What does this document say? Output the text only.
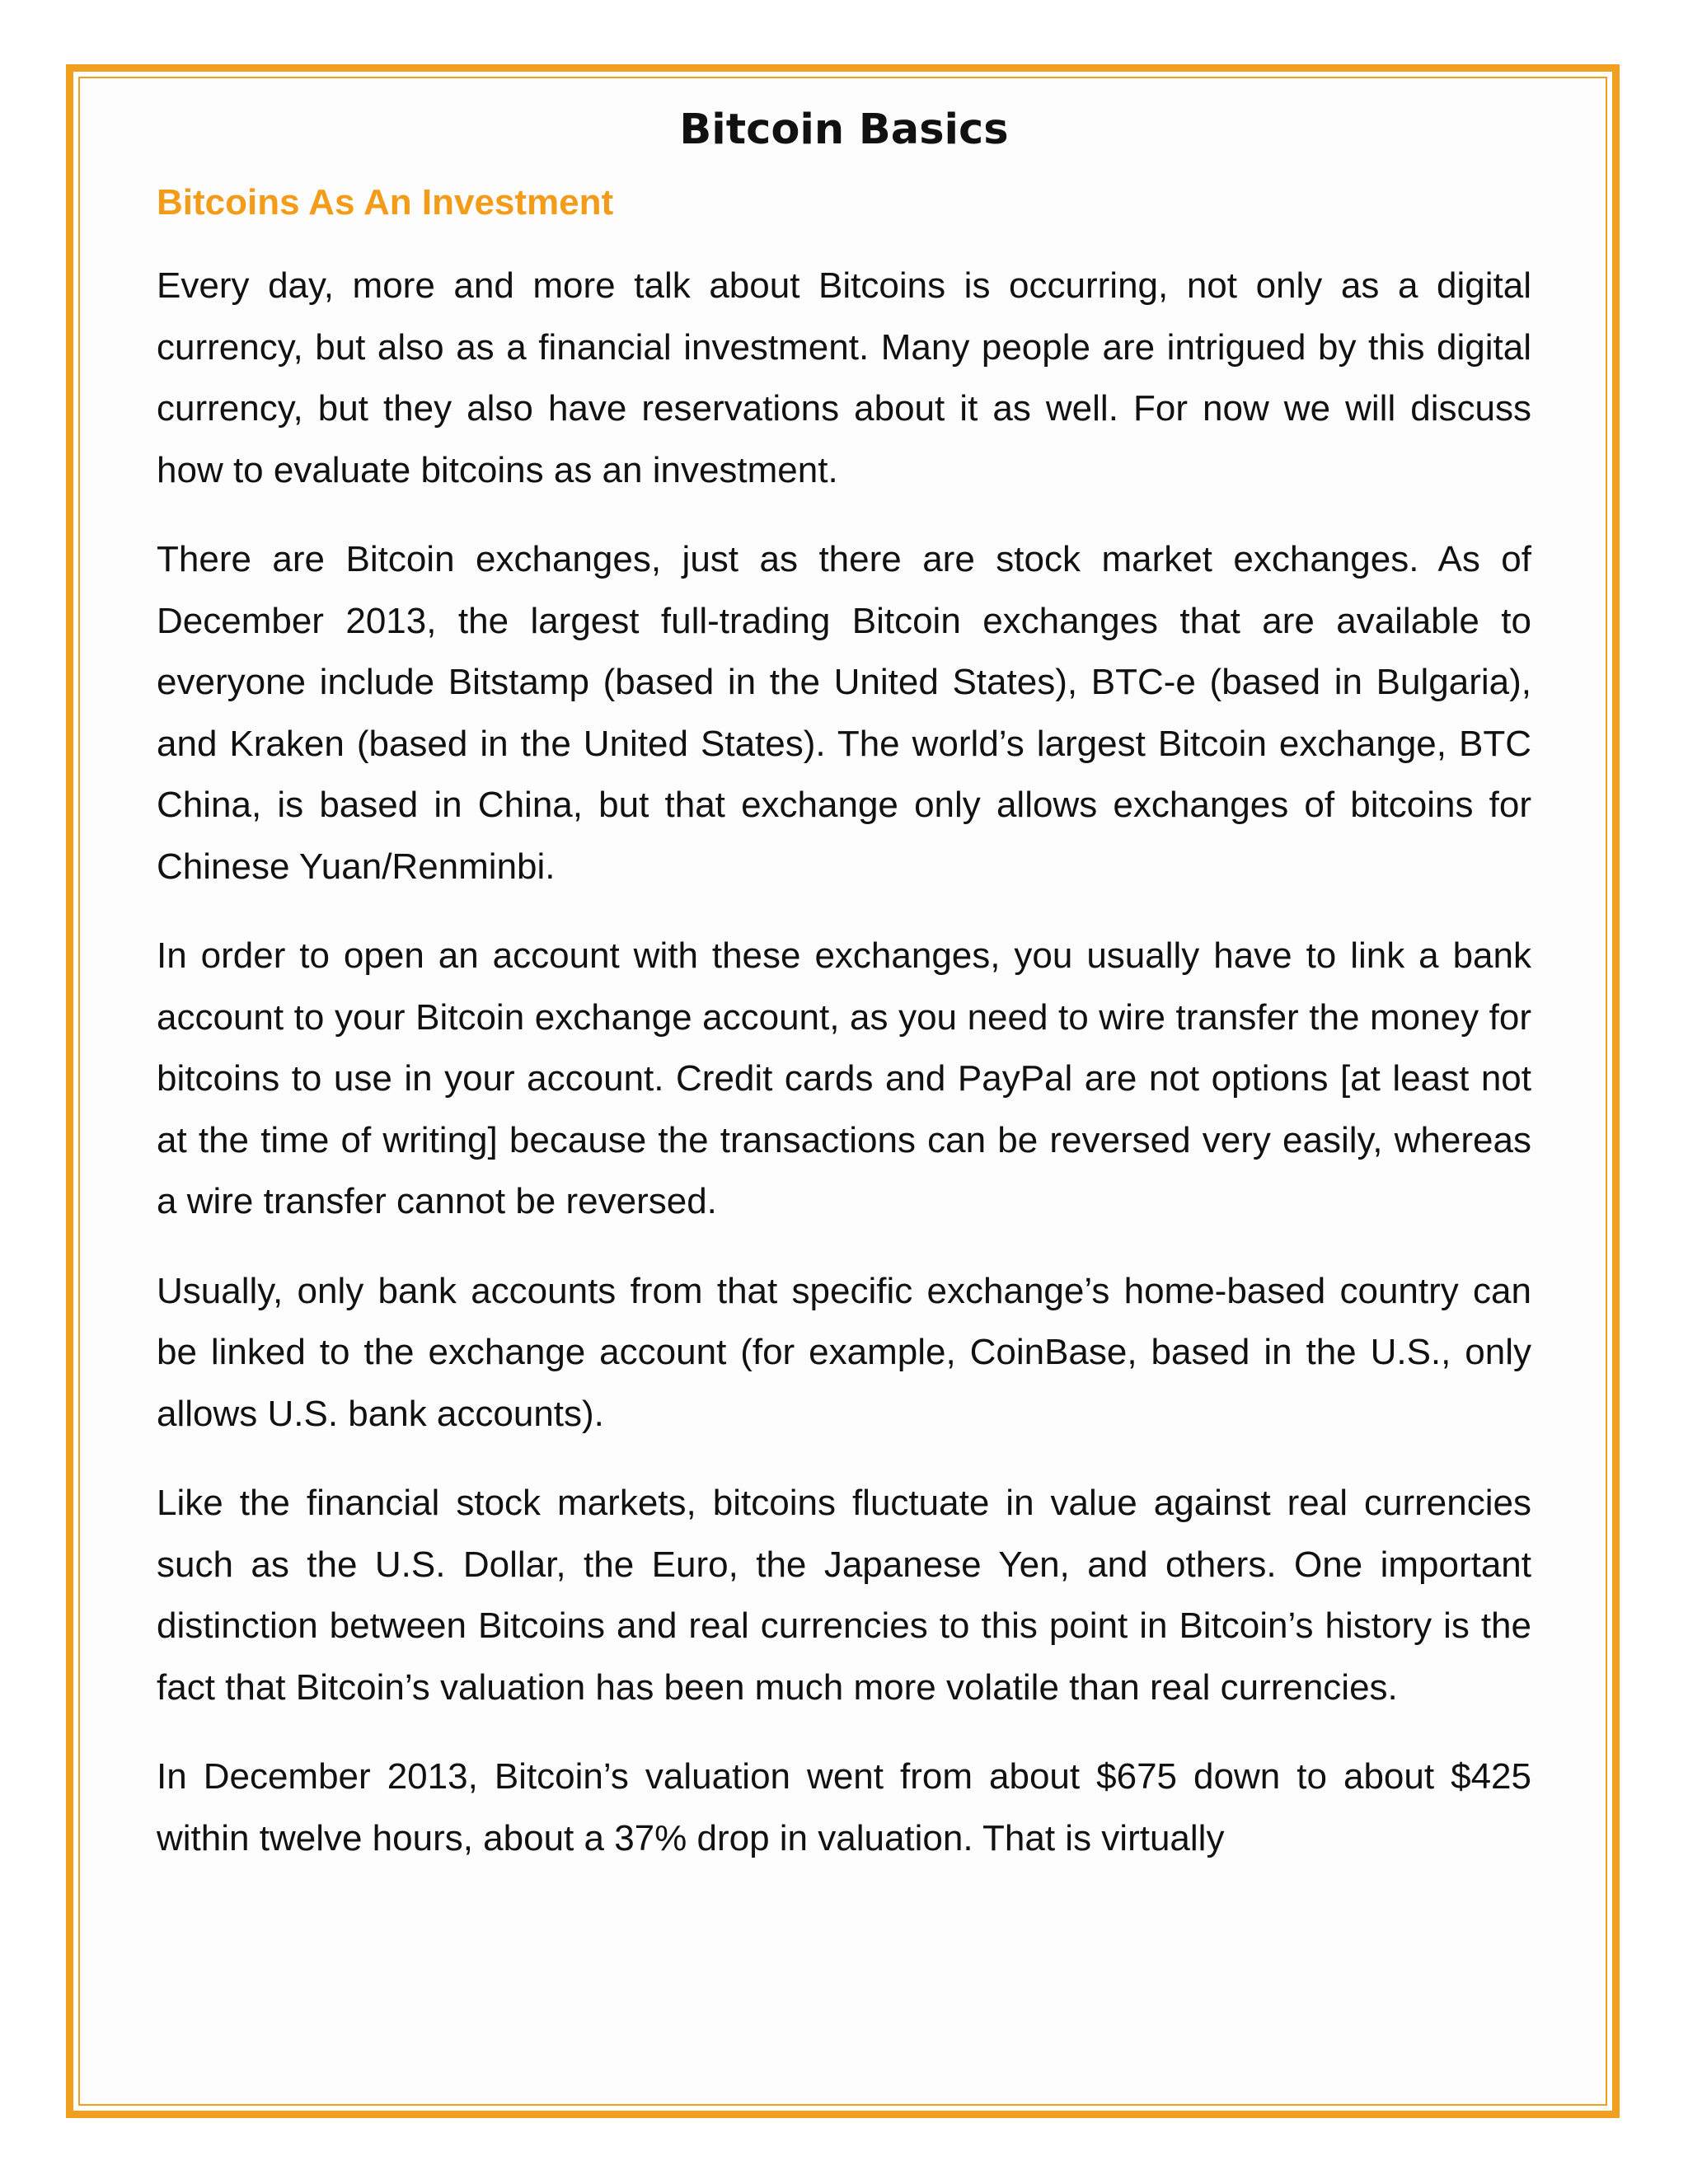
Bitcoin Basics
Bitcoins As An Investment

Every day, more and more talk about Bitcoins is occurring, not only as a digital currency, but also as a financial investment. Many people are intrigued by this digital currency, but they also have reservations about it as well. For now we will discuss how to evaluate bitcoins as an investment.

There are Bitcoin exchanges, just as there are stock market exchanges. As of December 2013, the largest full-trading Bitcoin exchanges that are available to everyone include Bitstamp (based in the United States), BTC-e (based in Bulgaria), and Kraken (based in the United States). The world’s largest Bitcoin exchange, BTC China, is based in China, but that exchange only allows exchanges of bitcoins for Chinese Yuan/Renminbi.

In order to open an account with these exchanges, you usually have to link a bank account to your Bitcoin exchange account, as you need to wire transfer the money for bitcoins to use in your account. Credit cards and PayPal are not options [at least not at the time of writing] because the transactions can be reversed very easily, whereas a wire transfer cannot be reversed.

Usually, only bank accounts from that specific exchange’s home-based country can be linked to the exchange account (for example, CoinBase, based in the U.S., only allows U.S. bank accounts).

Like the financial stock markets, bitcoins fluctuate in value against real currencies such as the U.S. Dollar, the Euro, the Japanese Yen, and others. One important distinction between Bitcoins and real currencies to this point in Bitcoin’s history is the fact that Bitcoin’s valuation has been much more volatile than real currencies.

In December 2013, Bitcoin’s valuation went from about $675 down to about $425 within twelve hours, about a 37% drop in valuation. That is virtually
